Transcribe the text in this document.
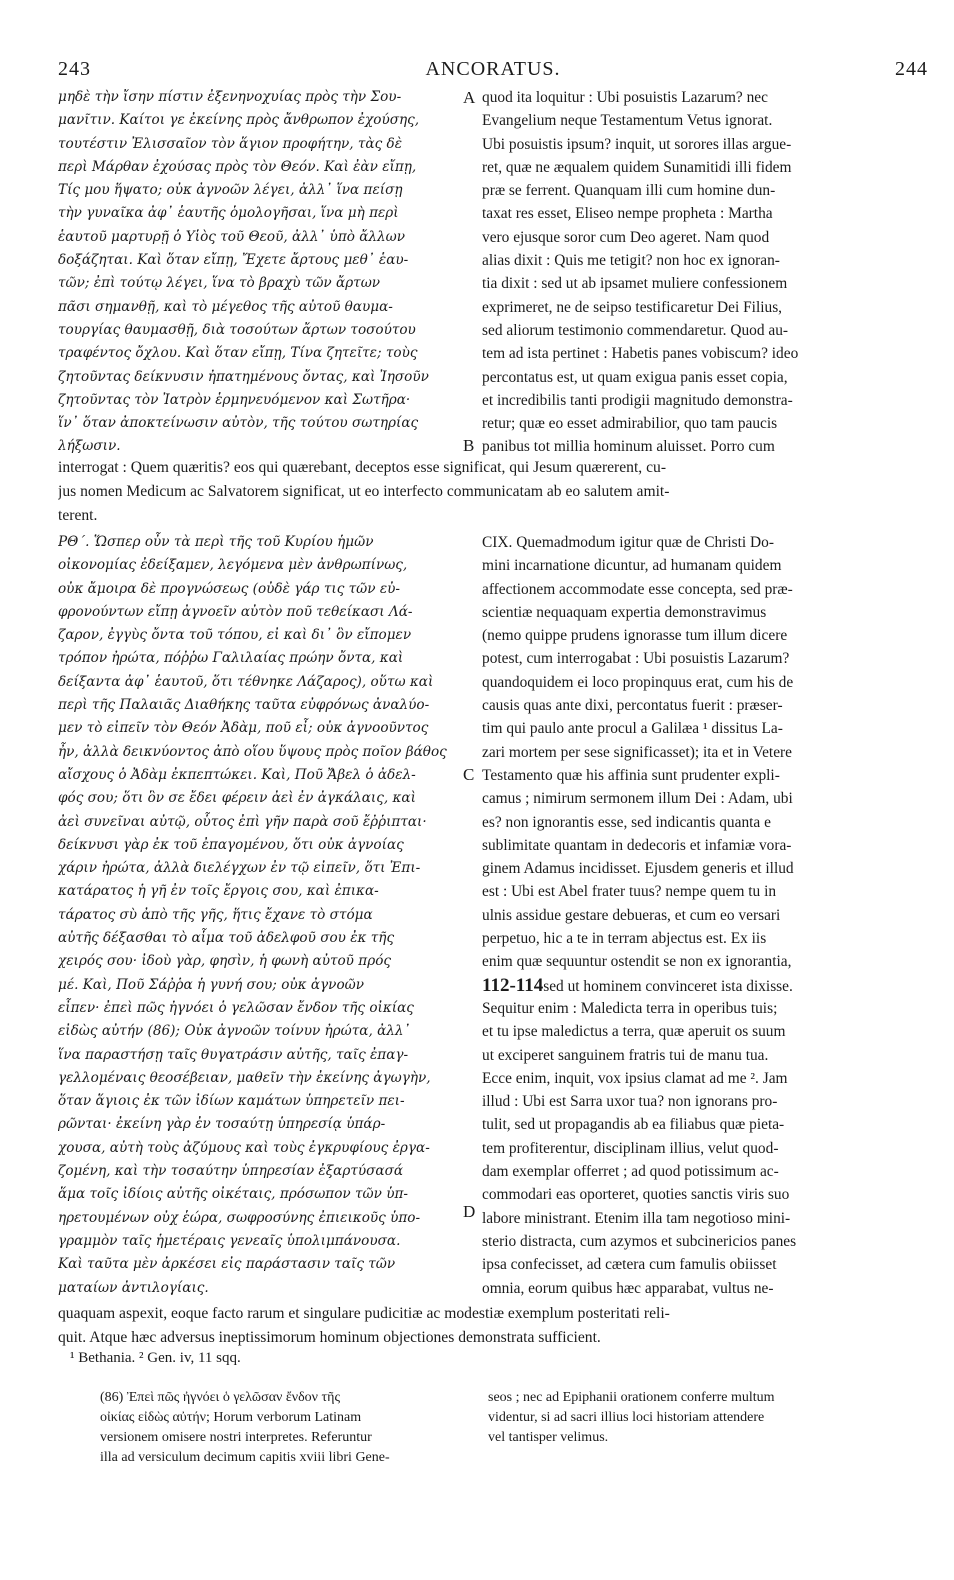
243	ANCORATUS.	244
μηδὲ τὴν ἴσην πίστιν ἐξενηνοχυίας πρὸς τὴν Σου-
μανῖτιν. Καίτοι γε ἐκείνης πρὸς ἄνθρωπον ἐχούσης,
τουτέστιν Ἐλισσαῖον τὸν ἅγιον προφήτην, τὰς δὲ
περὶ Μάρθαν ἐχούσας πρὸς τὸν Θεόν. Καὶ ἐὰν εἴπῃ,
Τίς μου ἥψατο; οὐκ ἀγνοῶν λέγει, ἀλλ᾽ ἵνα πείσῃ
τὴν γυναῖκα ἀφ᾽ ἑαυτῆς ὁμολογῆσαι, ἵνα μὴ περὶ
ἑαυτοῦ μαρτυρῇ ὁ Υἱὸς τοῦ Θεοῦ, ἀλλ᾽ ὑπὸ ἄλλων
δοξάζηται. Καὶ ὅταν εἴπῃ, Ἔχετε ἄρτους μεθ᾽ ἑαυ-
τῶν; ἐπὶ τούτῳ λέγει, ἵνα τὸ βραχὺ τῶν ἄρτων
πᾶσι σημανθῇ, καὶ τὸ μέγεθος τῆς αὐτοῦ θαυμα-
τουργίας θαυμασθῇ, διὰ τοσούτων ἄρτων τοσούτου
τραφέντος ὄχλου. Καὶ ὅταν εἴπῃ, Τίνα ζητεῖτε; τοὺς
ζητοῦντας δείκνυσιν ἠπατημένους ὄντας, καὶ Ἰησοῦν
ζητοῦντας τὸν Ἰατρὸν ἑρμηνευόμενον καὶ Σωτῆρα·
ἵν᾽ ὅταν ἀποκτείνωσιν αὐτὸν, τῆς τούτου σωτηρίας
λήξωσιν.
quod ita loquitur : Ubi posuistis Lazarum? nec
Evangelium neque Testamentum Vetus ignorat.
Ubi posuistis ipsum? inquit, ut sorores illas argue-
ret, quæ ne æqualem quidem Sunamitidi illi fidem
præ se ferrent. Quanquam illi cum homine dun-
taxat res esset, Eliseo nempe propheta : Martha
vero ejusque soror cum Deo ageret. Nam quod
alias dixit : Quis me tetigit? non hoc ex ignoran-
tia dixit : sed ut ab ipsamet muliere confessionem
exprimeret, ne de seipso testificaretur Dei Filius,
sed aliorum testimonio commendaretur. Quod au-
tem ad ista pertinet : Habetis panes vobiscum? ideo
percontatus est, ut quam exigua panis esset copia,
et incredibilis tanti prodigii magnitudo demonstra-
retur; quæ eo esset admirabilior, quo tam paucis
panibus tot millia hominum aluisset. Porro cum
A
B
interrogat : Quem quæritis? eos qui quærebant, deceptos esse significat, qui Jesum quærerent, cu-
jus nomen Medicum ac Salvatorem significat, ut eo interfecto communicatam ab eo salutem amit-
terent.
ΡΘ΄. Ὥσπερ οὖν τὰ περὶ τῆς τοῦ Κυρίου ἡμῶν
οἰκονομίας ἐδείξαμεν, λεγόμενα μὲν ἀνθρωπίνως,
οὐκ ἄμοιρα δὲ προγνώσεως (οὐδὲ γάρ τις τῶν εὐ-
φρονούντων εἴπῃ ἀγνοεῖν αὐτὸν ποῦ τεθείκασι Λά-
ζαρον, ἐγγὺς ὄντα τοῦ τόπου, εἰ καὶ δι᾽ ὃν εἴπομεν
τρόπον ἠρώτα, πόῤῥω Γαλιλαίας πρώην ὄντα, καὶ
δείξαντα ἀφ᾽ ἑαυτοῦ, ὅτι τέθνηκε Λάζαρος), οὕτω καὶ
περὶ τῆς Παλαιᾶς Διαθήκης ταῦτα εὐφρόνως ἀναλύο-
μεν τὸ εἰπεῖν τὸν Θεόν Ἀδὰμ, ποῦ εἶ; οὐκ ἀγνοοῦντος
ἦν, ἀλλὰ δεικνύοντος ἀπὸ οἵου ὕψους πρὸς ποῖον βάθος
αἴσχους ὁ Ἀδὰμ ἐκπεπτώκει. Καὶ, Ποῦ Ἄβελ ὁ ἀδελ-
φός σου; ὅτι ὃν σε ἔδει φέρειν ἀεὶ ἐν ἀγκάλαις, καὶ
ἀεὶ συνεῖναι αὐτῷ, οὗτος ἐπὶ γῆν παρὰ σοῦ ἔῤῥιπται·
δείκνυσι γὰρ ἐκ τοῦ ἐπαγομένου, ὅτι οὐκ ἀγνοίας
χάριν ἠρώτα, ἀλλὰ διελέγχων ἐν τῷ εἰπεῖν, ὅτι Ἐπι-
κατάρατος ἡ γῆ ἐν τοῖς ἔργοις σου, καὶ ἐπικα-
τάρατος σὺ ἀπὸ τῆς γῆς, ἥτις ἔχανε τὸ στόμα
αὐτῆς δέξασθαι τὸ αἷμα τοῦ ἀδελφοῦ σου ἐκ τῆς
χειρός σου· ἰδοὺ γὰρ, φησὶν, ἡ φωνὴ αὐτοῦ πρός
μέ. Καὶ, Ποῦ Σάῤῥα ἡ γυνή σου; οὐκ ἀγνοῶν
εἶπεν· ἐπεὶ πῶς ἠγνόει ὁ γελῶσαν ἔνδον τῆς οἰκίας
εἰδὼς αὐτήν (86); Οὐκ ἀγνοῶν τοίνυν ἠρώτα, ἀλλ᾽
ἵνα παραστήσῃ ταῖς θυγατράσιν αὐτῆς, ταῖς ἐπαγ-
γελλομέναις θεοσέβειαν, μαθεῖν τὴν ἐκείνης ἀγωγὴν,
ὅταν ἅγιοις ἐκ τῶν ἰδίων καμάτων ὑπηρετεῖν πει-
ρῶνται· ἐκείνη γὰρ ἐν τοσαύτῃ ὑπηρεσίᾳ ὑπάρ-
χουσα, αὐτὴ τοὺς ἀζύμους καὶ τοὺς ἐγκρυφίους ἐργα-
ζομένη, καὶ τὴν τοσαύτην ὑπηρεσίαν ἐξαρτύσασά
ἅμα τοῖς ἰδίοις αὐτῆς οἰκέταις, πρόσωπον τῶν ὑπ-
ηρετουμένων οὐχ ἑώρα, σωφροσύνης ἐπιεικοῦς ὑπο-
γραμμὸν ταῖς ἡμετέραις γενεαῖς ὑπολιμπάνουσα.
Καὶ ταῦτα μὲν ἀρκέσει εἰς παράστασιν ταῖς τῶν
ματαίων ἀντιλογίαις.
CIX. Quemadmodum igitur quæ de Christi Do-
mini incarnatione dicuntur, ad humanam quidem
affectionem accommodate esse concepta, sed præ-
scientiæ nequaquam expertia demonstravimus
(nemo quippe prudens ignorasse tum illum dicere
potest, cum interrogabat : Ubi posuistis Lazarum?
quandoquidem ei loco propinquus erat, cum his de
causis quas ante dixi, percontatus fuerit : præser-
tim qui paulo ante procul a Galilæa ¹ dissitus La-
zari mortem per sese significasset); ita et in Vetere
Testamento quæ his affinia sunt prudenter expli-
camus ; nimirum sermonem illum Dei : Adam, ubi
es? non ignorantis esse, sed indicantis quanta e
sublimitate quantam in dedecoris et infamiæ vora-
ginem Adamus incidisset. Ejusdem generis et illud
est : Ubi est Abel frater tuus? nempe quem tu in
ulnis assidue gestare debueras, et cum eo versari
perpetuo, hic a te in terram abjectus est. Ex iis
enim quæ sequuntur ostendit se non ex ignorantia,
112-114sed ut hominem convinceret ista dixisse.
Sequitur enim : Maledicta terra in operibus tuis;
et tu ipse maledictus a terra, quæ aperuit os suum
ut exciperet sanguinem fratris tui de manu tua.
Ecce enim, inquit, vox ipsius clamat ad me ². Jam
illud : Ubi est Sarra uxor tua? non ignorans pro-
tulit, sed ut propagandis ab ea filiabus quæ pieta-
tem profiterentur, disciplinam illius, velut quod-
dam exemplar offerret ; ad quod potissimum ac-
commodari eas oporteret, quoties sanctis viris suo
labore ministrant. Etenim illa tam negotioso mini-
sterio distracta, cum azymos et subcinericios panes
ipsa confecisset, ad cætera cum famulis obiisset
omnia, eorum quibus hæc apparabat, vultus ne-
C
D
quaquam aspexit, eoque facto rarum et singulare pudicitiæ ac modestiæ exemplum posteritati reli-
quit. Atque hæc adversus ineptissimorum hominum objectiones demonstrata sufficient.
¹ Bethania. ² Gen. iv, 11 sqq.
(86) Ἐπεὶ πῶς ἠγνόει ὁ γελῶσαν ἔνδον τῆς
οἰκίας εἰδὼς αὐτήν; Horum verborum Latinam
versionem omisere nostri interpretes. Referuntur
illa ad versiculum decimum capitis xviii libri Gene-
seos ; nec ad Epiphanii orationem conferre multum
videntur, si ad sacri illius loci historiam attendere
vel tantisper velimus.
